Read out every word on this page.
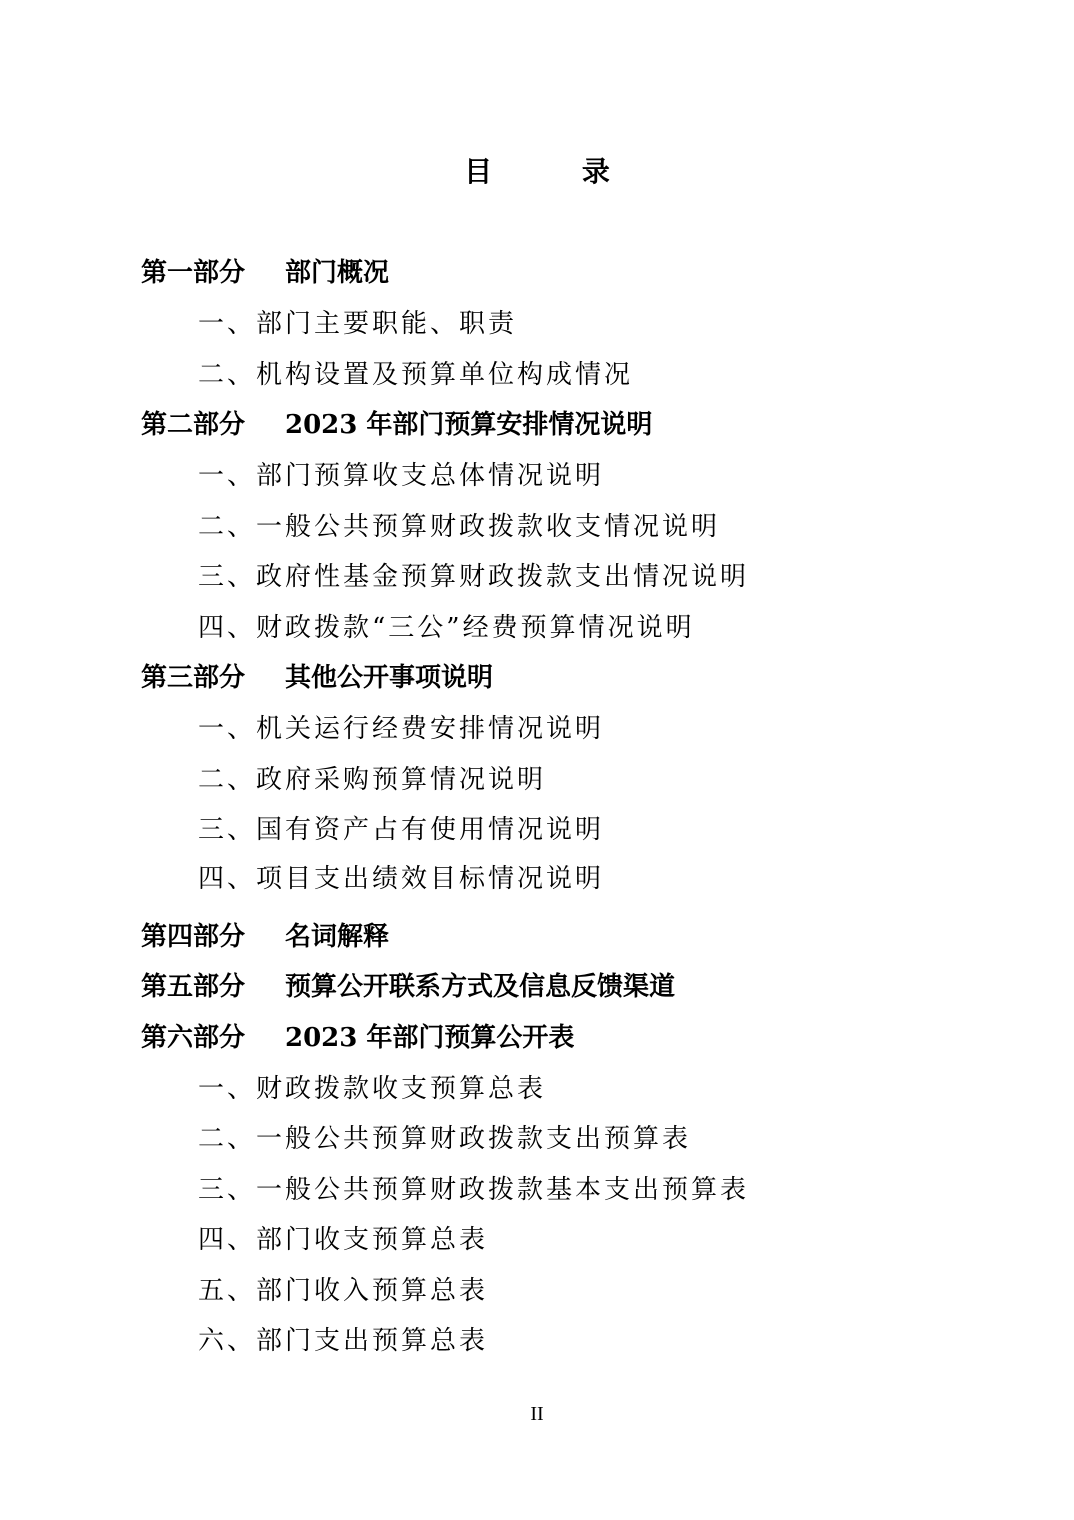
目 录
第一部分 部门概况
一、部门主要职能、职责
二、机构设置及预算单位构成情况
第二部分 2023 年部门预算安排情况说明
一、部门预算收支总体情况说明
二、一般公共预算财政拨款收支情况说明
三、政府性基金预算财政拨款支出情况说明
四、财政拨款“三公”经费预算情况说明
第三部分 其他公开事项说明
一、机关运行经费安排情况说明
二、政府采购预算情况说明
三、国有资产占有使用情况说明
四、项目支出绩效目标情况说明
第四部分 名词解释
第五部分 预算公开联系方式及信息反馈渠道
第六部分 2023 年部门预算公开表
一、财政拨款收支预算总表
二、一般公共预算财政拨款支出预算表
三、一般公共预算财政拨款基本支出预算表
四、部门收支预算总表
五、部门收入预算总表
六、部门支出预算总表
II
